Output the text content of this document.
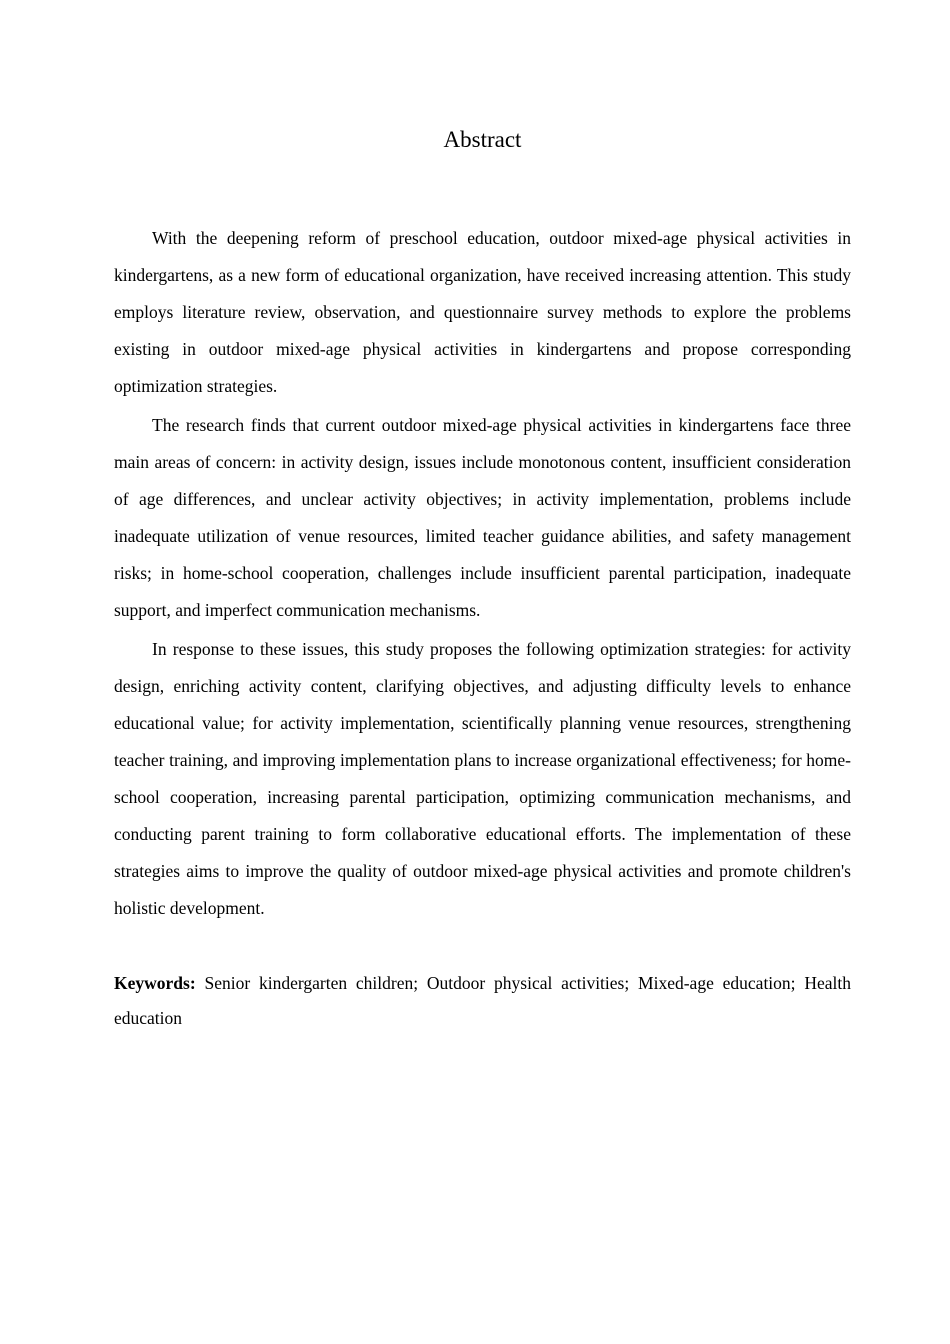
Abstract

With the deepening reform of preschool education, outdoor mixed-age physical activities in kindergartens, as a new form of educational organization, have received increasing attention. This study employs literature review, observation, and questionnaire survey methods to explore the problems existing in outdoor mixed-age physical activities in kindergartens and propose corresponding optimization strategies.

The research finds that current outdoor mixed-age physical activities in kindergartens face three main areas of concern: in activity design, issues include monotonous content, insufficient consideration of age differences, and unclear activity objectives; in activity implementation, problems include inadequate utilization of venue resources, limited teacher guidance abilities, and safety management risks; in home-school cooperation, challenges include insufficient parental participation, inadequate support, and imperfect communication mechanisms.

In response to these issues, this study proposes the following optimization strategies: for activity design, enriching activity content, clarifying objectives, and adjusting difficulty levels to enhance educational value; for activity implementation, scientifically planning venue resources, strengthening teacher training, and improving implementation plans to increase organizational effectiveness; for home-school cooperation, increasing parental participation, optimizing communication mechanisms, and conducting parent training to form collaborative educational efforts. The implementation of these strategies aims to improve the quality of outdoor mixed-age physical activities and promote children's holistic development.

Keywords: Senior kindergarten children; Outdoor physical activities; Mixed-age education; Health education
